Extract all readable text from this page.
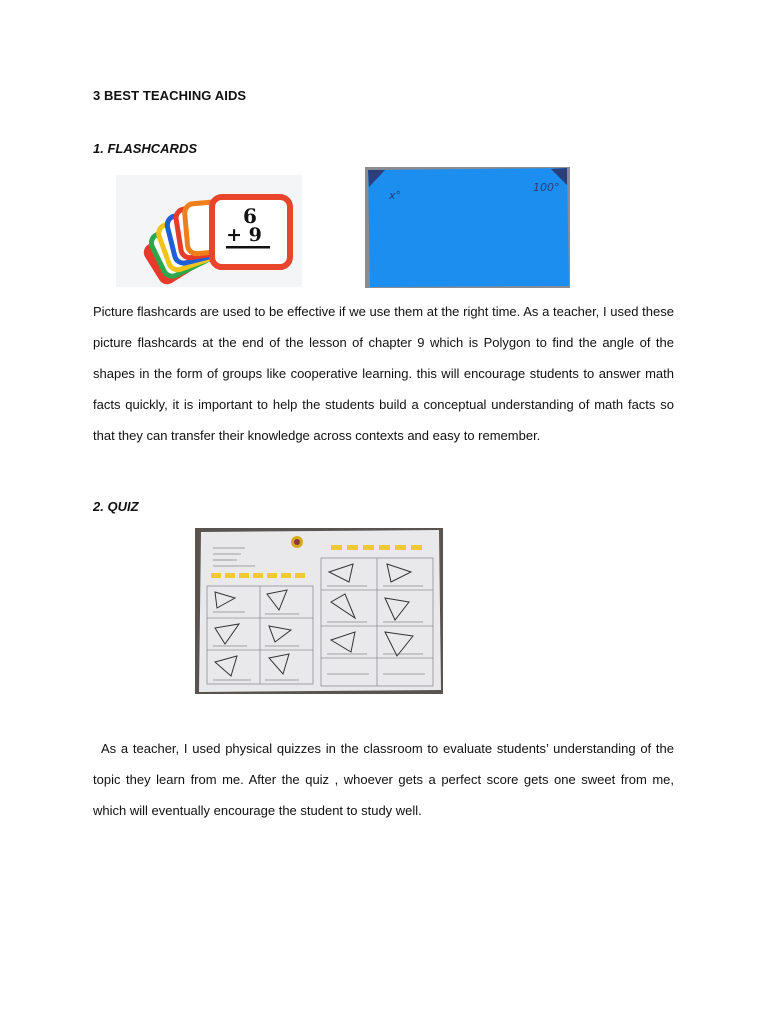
3 BEST TEACHING AIDS
1. FLASHCARDS
6
+ 9
x°
100°

Picture flashcards are used to be effective if we use them at the right time. As a teacher, I used these picture flashcards at the end of the lesson of chapter 9 which is Polygon to find the angle of the shapes in the form of groups like cooperative learning. this will encourage students to answer math facts quickly, it is important to help the students build a conceptual understanding of math facts so that they can transfer their knowledge across contexts and easy to remember.

2. QUIZ

As a teacher, I used physical quizzes in the classroom to evaluate students’ understanding of the topic they learn from me. After the quiz , whoever gets a perfect score gets one sweet from me, which will eventually encourage the student to study well.
